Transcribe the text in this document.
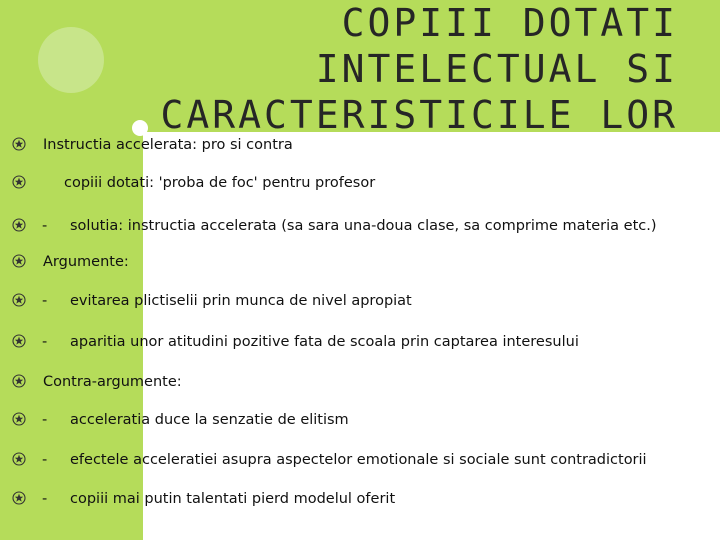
COPIII DOTATI
INTELECTUAL SI
CARACTERISTICILE LOR
Instructia accelerata: pro si contra
copiii dotati: 'proba de foc' pentru profesor
- solutia: instructia accelerata (sa sara una-doua clase, sa comprime materia etc.)
Argumente:
- evitarea plictiselii prin munca de nivel apropiat
- aparitia unor atitudini pozitive fata de scoala prin captarea interesului
Contra-argumente:
- acceleratia duce la senzatie de elitism
- efectele acceleratiei asupra aspectelor emotionale si sociale sunt contradictorii
- copiii mai putin talentati pierd modelul oferit
